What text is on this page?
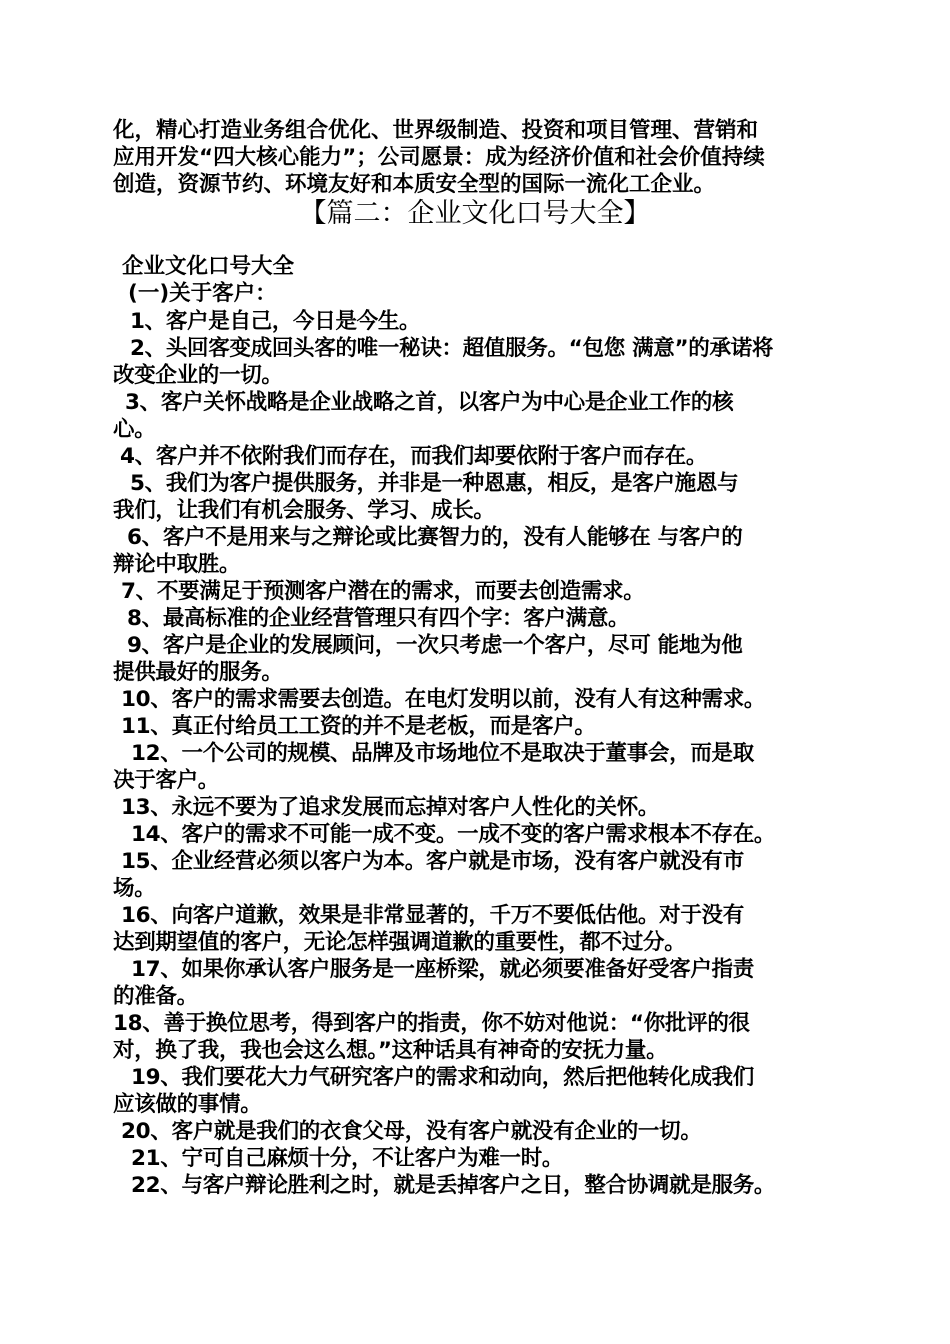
化，精心打造业务组合优化、世界级制造、投资和项目管理、营销和
应用开发“四大核心能力”；公司愿景：成为经济价值和社会价值持续
创造，资源节约、环境友好和本质安全型的国际一流化工企业。
【篇二：企业文化口号大全】
企业文化口号大全
(一)关于客户：
1、客户是自己，今日是今生。
2、头回客变成回头客的唯一秘诀：超值服务。“包您 满意”的承诺将
改变企业的一切。
3、客户关怀战略是企业战略之首，以客户为中心是企业工作的核
心。
4、客户并不依附我们而存在，而我们却要依附于客户而存在。
5、我们为客户提供服务，并非是一种恩惠，相反，是客户施恩与
我们，让我们有机会服务、学习、成长。
6、客户不是用来与之辩论或比赛智力的，没有人能够在 与客户的
辩论中取胜。
7、不要满足于预测客户潜在的需求，而要去创造需求。
8、最高标准的企业经营管理只有四个字：客户满意。
9、客户是企业的发展顾问，一次只考虑一个客户，尽可 能地为他
提供最好的服务。
10、客户的需求需要去创造。在电灯发明以前，没有人有这种需求。
11、真正付给员工工资的并不是老板，而是客户。
12、一个公司的规模、品牌及市场地位不是取决于董事会，而是取
决于客户。
13、永远不要为了追求发展而忘掉对客户人性化的关怀。
14、客户的需求不可能一成不变。一成不变的客户需求根本不存在。
15、企业经营必须以客户为本。客户就是市场，没有客户就没有市
场。
16、向客户道歉，效果是非常显著的，千万不要低估他。对于没有
达到期望值的客户，无论怎样强调道歉的重要性，都不过分。
17、如果你承认客户服务是一座桥梁，就必须要准备好受客户指责
的准备。
18、善于换位思考，得到客户的指责，你不妨对他说：“你批评的很
对，换了我，我也会这么想。”这种话具有神奇的安抚力量。
19、我们要花大力气研究客户的需求和动向，然后把他转化成我们
应该做的事情。
20、客户就是我们的衣食父母，没有客户就没有企业的一切。
21、宁可自己麻烦十分，不让客户为难一时。
22、与客户辩论胜利之时，就是丢掉客户之日，整合协调就是服务。
